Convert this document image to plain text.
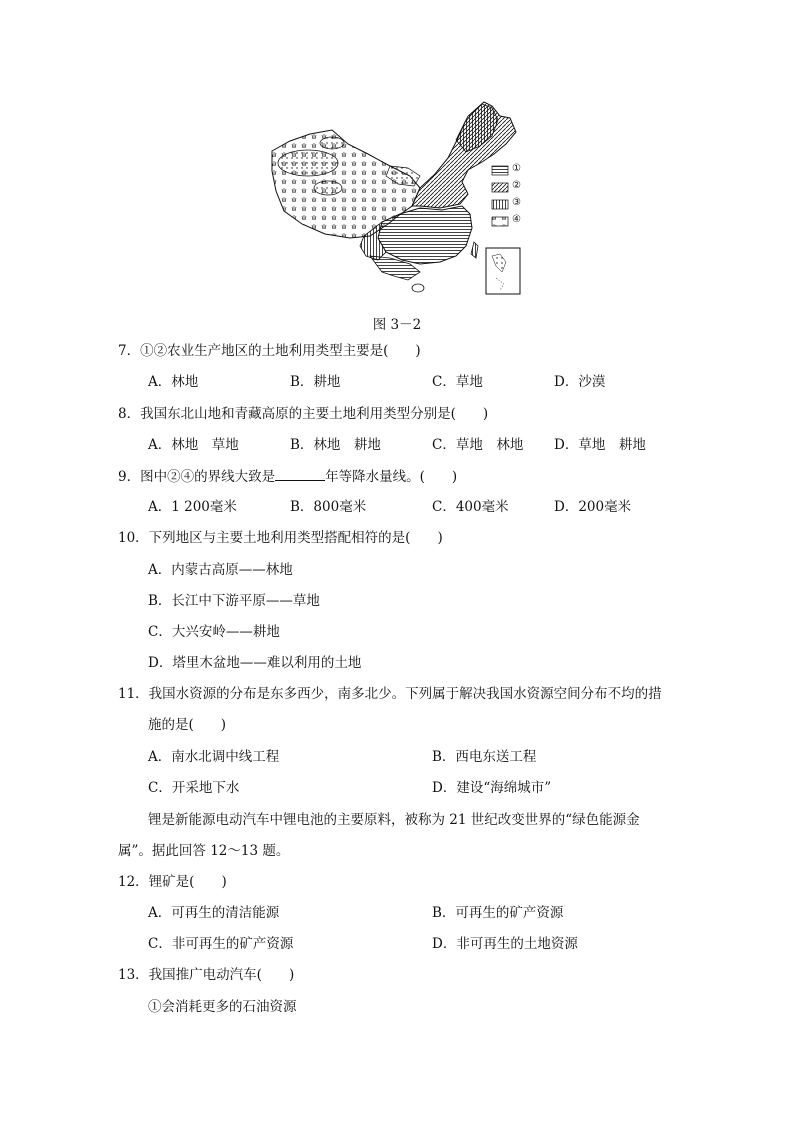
①
②
③
④
图 3－2
7．①②农业生产地区的土地利用类型主要是(　　)
A．林地	B．耕地	C．草地	D．沙漠
8．我国东北山地和青藏高原的主要土地利用类型分别是(　　)
A．林地　草地	B．林地　耕地	C．草地　林地 D．草地　耕地
9．图中②④的界线大致是	年等降水量线。(　　)
A．1 200毫米	B．800毫米	C．400毫米	D．200毫米
10．下列地区与主要土地利用类型搭配相符的是(　　)
A．内蒙古高原——林地
B．长江中下游平原——草地
C．大兴安岭——耕地
D．塔里木盆地——难以利用的土地
11．我国水资源的分布是东多西少，南多北少。下列属于解决我国水资源空间分布不均的措
施的是(　　)
A．南水北调中线工程	B．西电东送工程
C．开采地下水	D．建设“海绵城市”
锂是新能源电动汽车中锂电池的主要原料，被称为 21 世纪改变世界的“绿色能源金
属”。据此回答 12～13 题。
12．锂矿是(　　)
A．可再生的清洁能源	B．可再生的矿产资源
C．非可再生的矿产资源	D．非可再生的土地资源
13．我国推广电动汽车(　　)
①会消耗更多的石油资源
